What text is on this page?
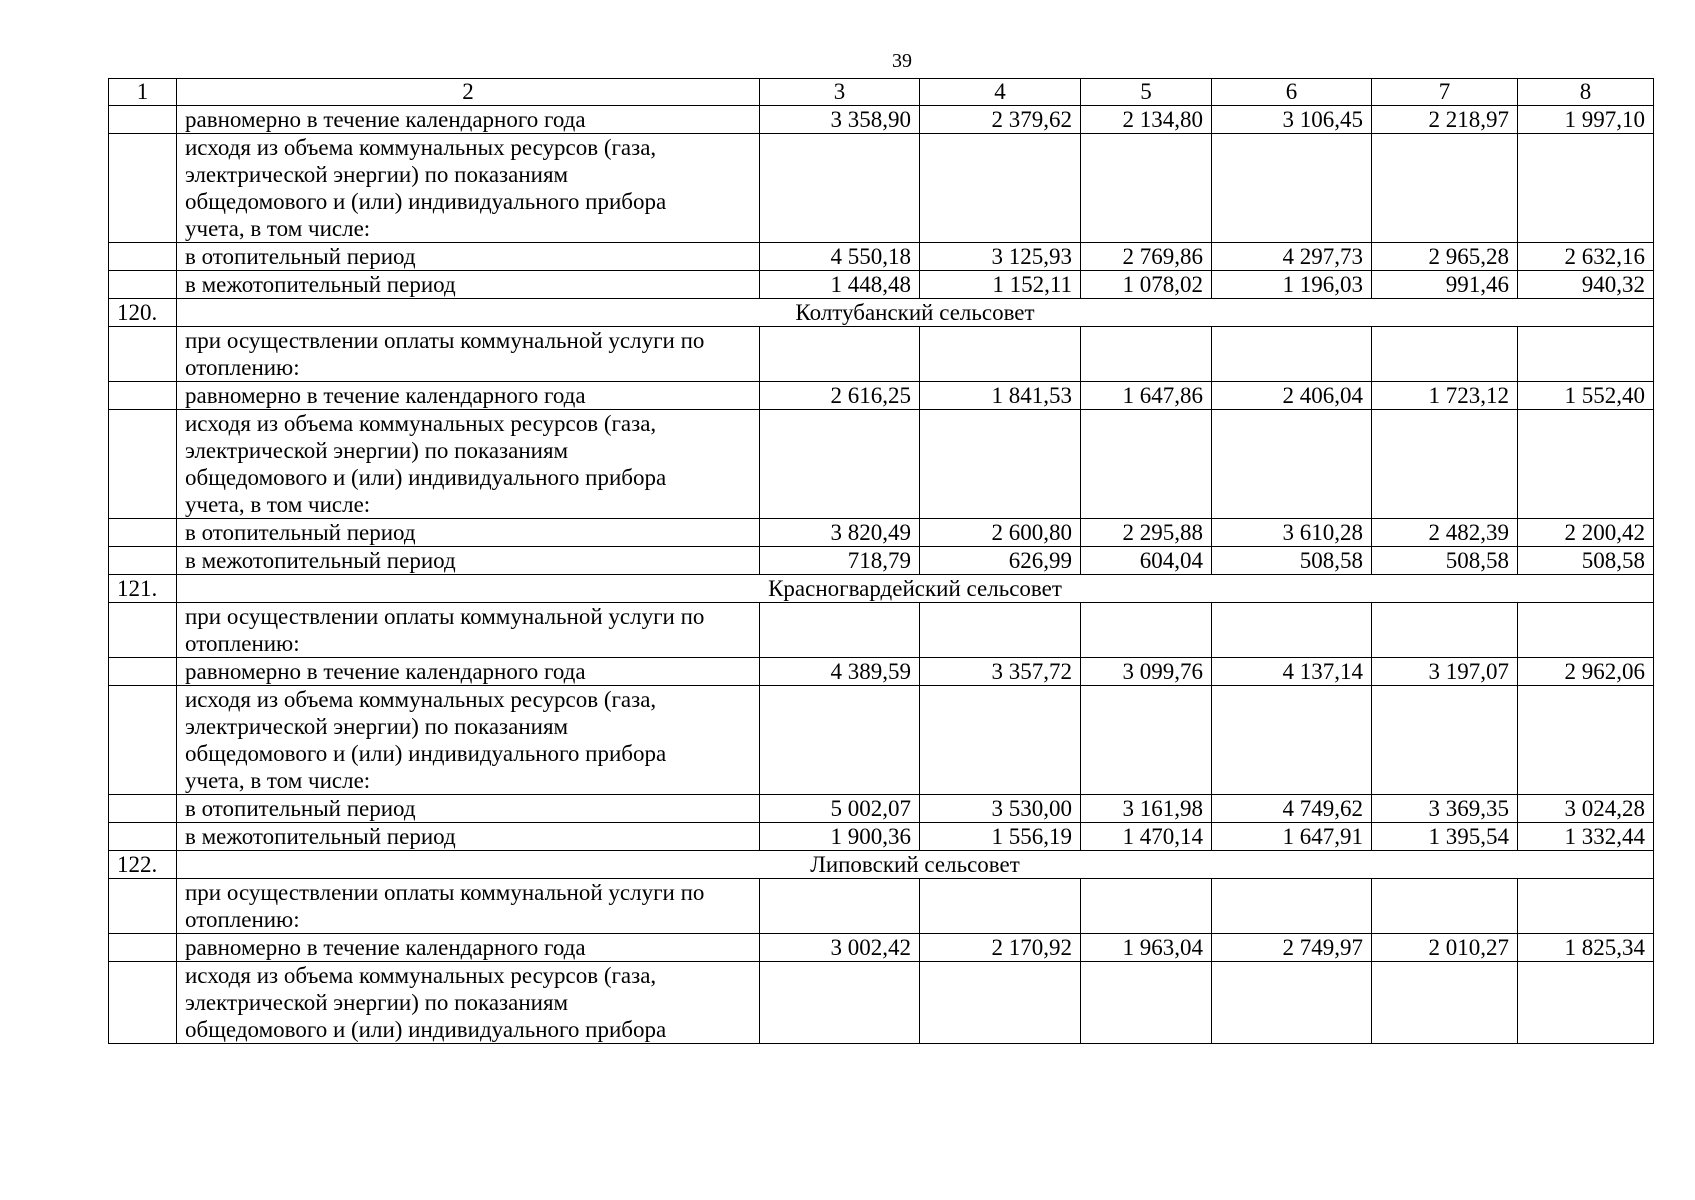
39
1	2	3	4	5	6	7	8
	равномерно в течение календарного года	3 358,90	2 379,62	2 134,80	3 106,45	2 218,97	1 997,10
	исходя из объема коммунальных ресурсов (газа,
электрической энергии) по показаниям
общедомового и (или) индивидуального прибора
учета, в том числе:						
	в отопительный период	4 550,18	3 125,93	2 769,86	4 297,73	2 965,28	2 632,16
	в межотопительный период	1 448,48	1 152,11	1 078,02	1 196,03	991,46	940,32
120.	Колтубанский сельсовет						
	при осуществлении оплаты коммунальной услуги по
отоплению:						
	равномерно в течение календарного года	2 616,25	1 841,53	1 647,86	2 406,04	1 723,12	1 552,40
	исходя из объема коммунальных ресурсов (газа,
электрической энергии) по показаниям
общедомового и (или) индивидуального прибора
учета, в том числе:						
	в отопительный период	3 820,49	2 600,80	2 295,88	3 610,28	2 482,39	2 200,42
	в межотопительный период	718,79	626,99	604,04	508,58	508,58	508,58
121.	Красногвардейский сельсовет						
	при осуществлении оплаты коммунальной услуги по
отоплению:						
	равномерно в течение календарного года	4 389,59	3 357,72	3 099,76	4 137,14	3 197,07	2 962,06
	исходя из объема коммунальных ресурсов (газа,
электрической энергии) по показаниям
общедомового и (или) индивидуального прибора
учета, в том числе:						
	в отопительный период	5 002,07	3 530,00	3 161,98	4 749,62	3 369,35	3 024,28
	в межотопительный период	1 900,36	1 556,19	1 470,14	1 647,91	1 395,54	1 332,44
122.	Липовский сельсовет						
	при осуществлении оплаты коммунальной услуги по
отоплению:						
	равномерно в течение календарного года	3 002,42	2 170,92	1 963,04	2 749,97	2 010,27	1 825,34
	исходя из объема коммунальных ресурсов (газа,
электрической энергии) по показаниям
общедомового и (или) индивидуального прибора						
